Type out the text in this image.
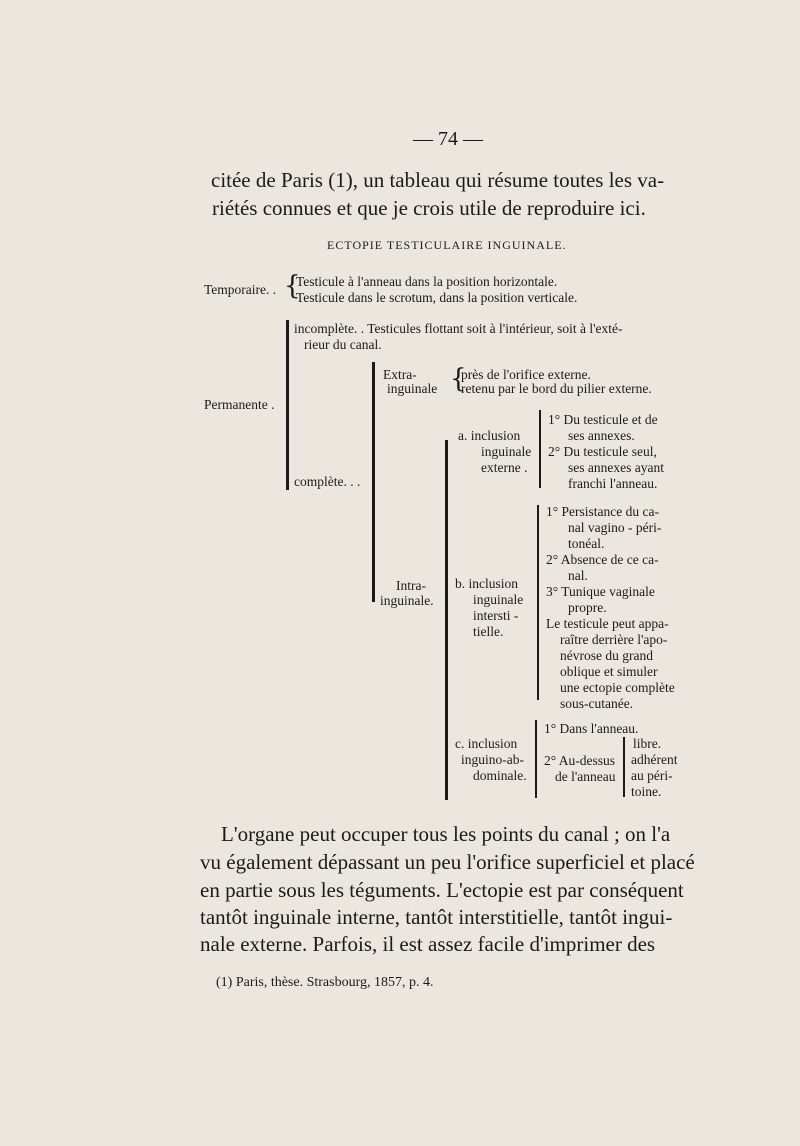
— 74 —
citée de Paris (1), un tableau qui résume toutes les va-
riétés connues et que je crois utile de reproduire ici.
ECTOPIE TESTICULAIRE INGUINALE.
Temporaire. . {
Testicule à l'anneau dans la position horizontale.
Testicule dans le scrotum, dans la position verticale.
Permanente .
incomplète. . Testicules flottant soit à l'intérieur, soit à l'exté-
rieur du canal.
complète. . .
Extra-
inguinale {
près de l'orifice externe.
retenu par le bord du pilier externe.
Intra-
inguinale.
a. inclusion
inguinale
externe .
1° Du testicule et de
ses annexes.
2° Du testicule seul,
ses annexes ayant
franchi l'anneau.
b. inclusion
inguinale
intersti -
tielle.
1° Persistance du ca-
nal vagino - péri-
tonéal.
2° Absence de ce ca-
nal.
3° Tunique vaginale
propre.
Le testicule peut appa-
raître derrière l'apo-
névrose du grand
oblique et simuler
une ectopie complète
sous-cutanée.
c. inclusion
inguino-ab-
dominale.
1° Dans l'anneau.
2° Au-dessus
de l'anneau
libre.
adhérent
au péri-
toine.
L'organe peut occuper tous les points du canal ; on l'a
vu également dépassant un peu l'orifice superficiel et placé
en partie sous les téguments. L'ectopie est par conséquent
tantôt inguinale interne, tantôt interstitielle, tantôt ingui-
nale externe. Parfois, il est assez facile d'imprimer des
(1) Paris, thèse. Strasbourg, 1857, p. 4.
